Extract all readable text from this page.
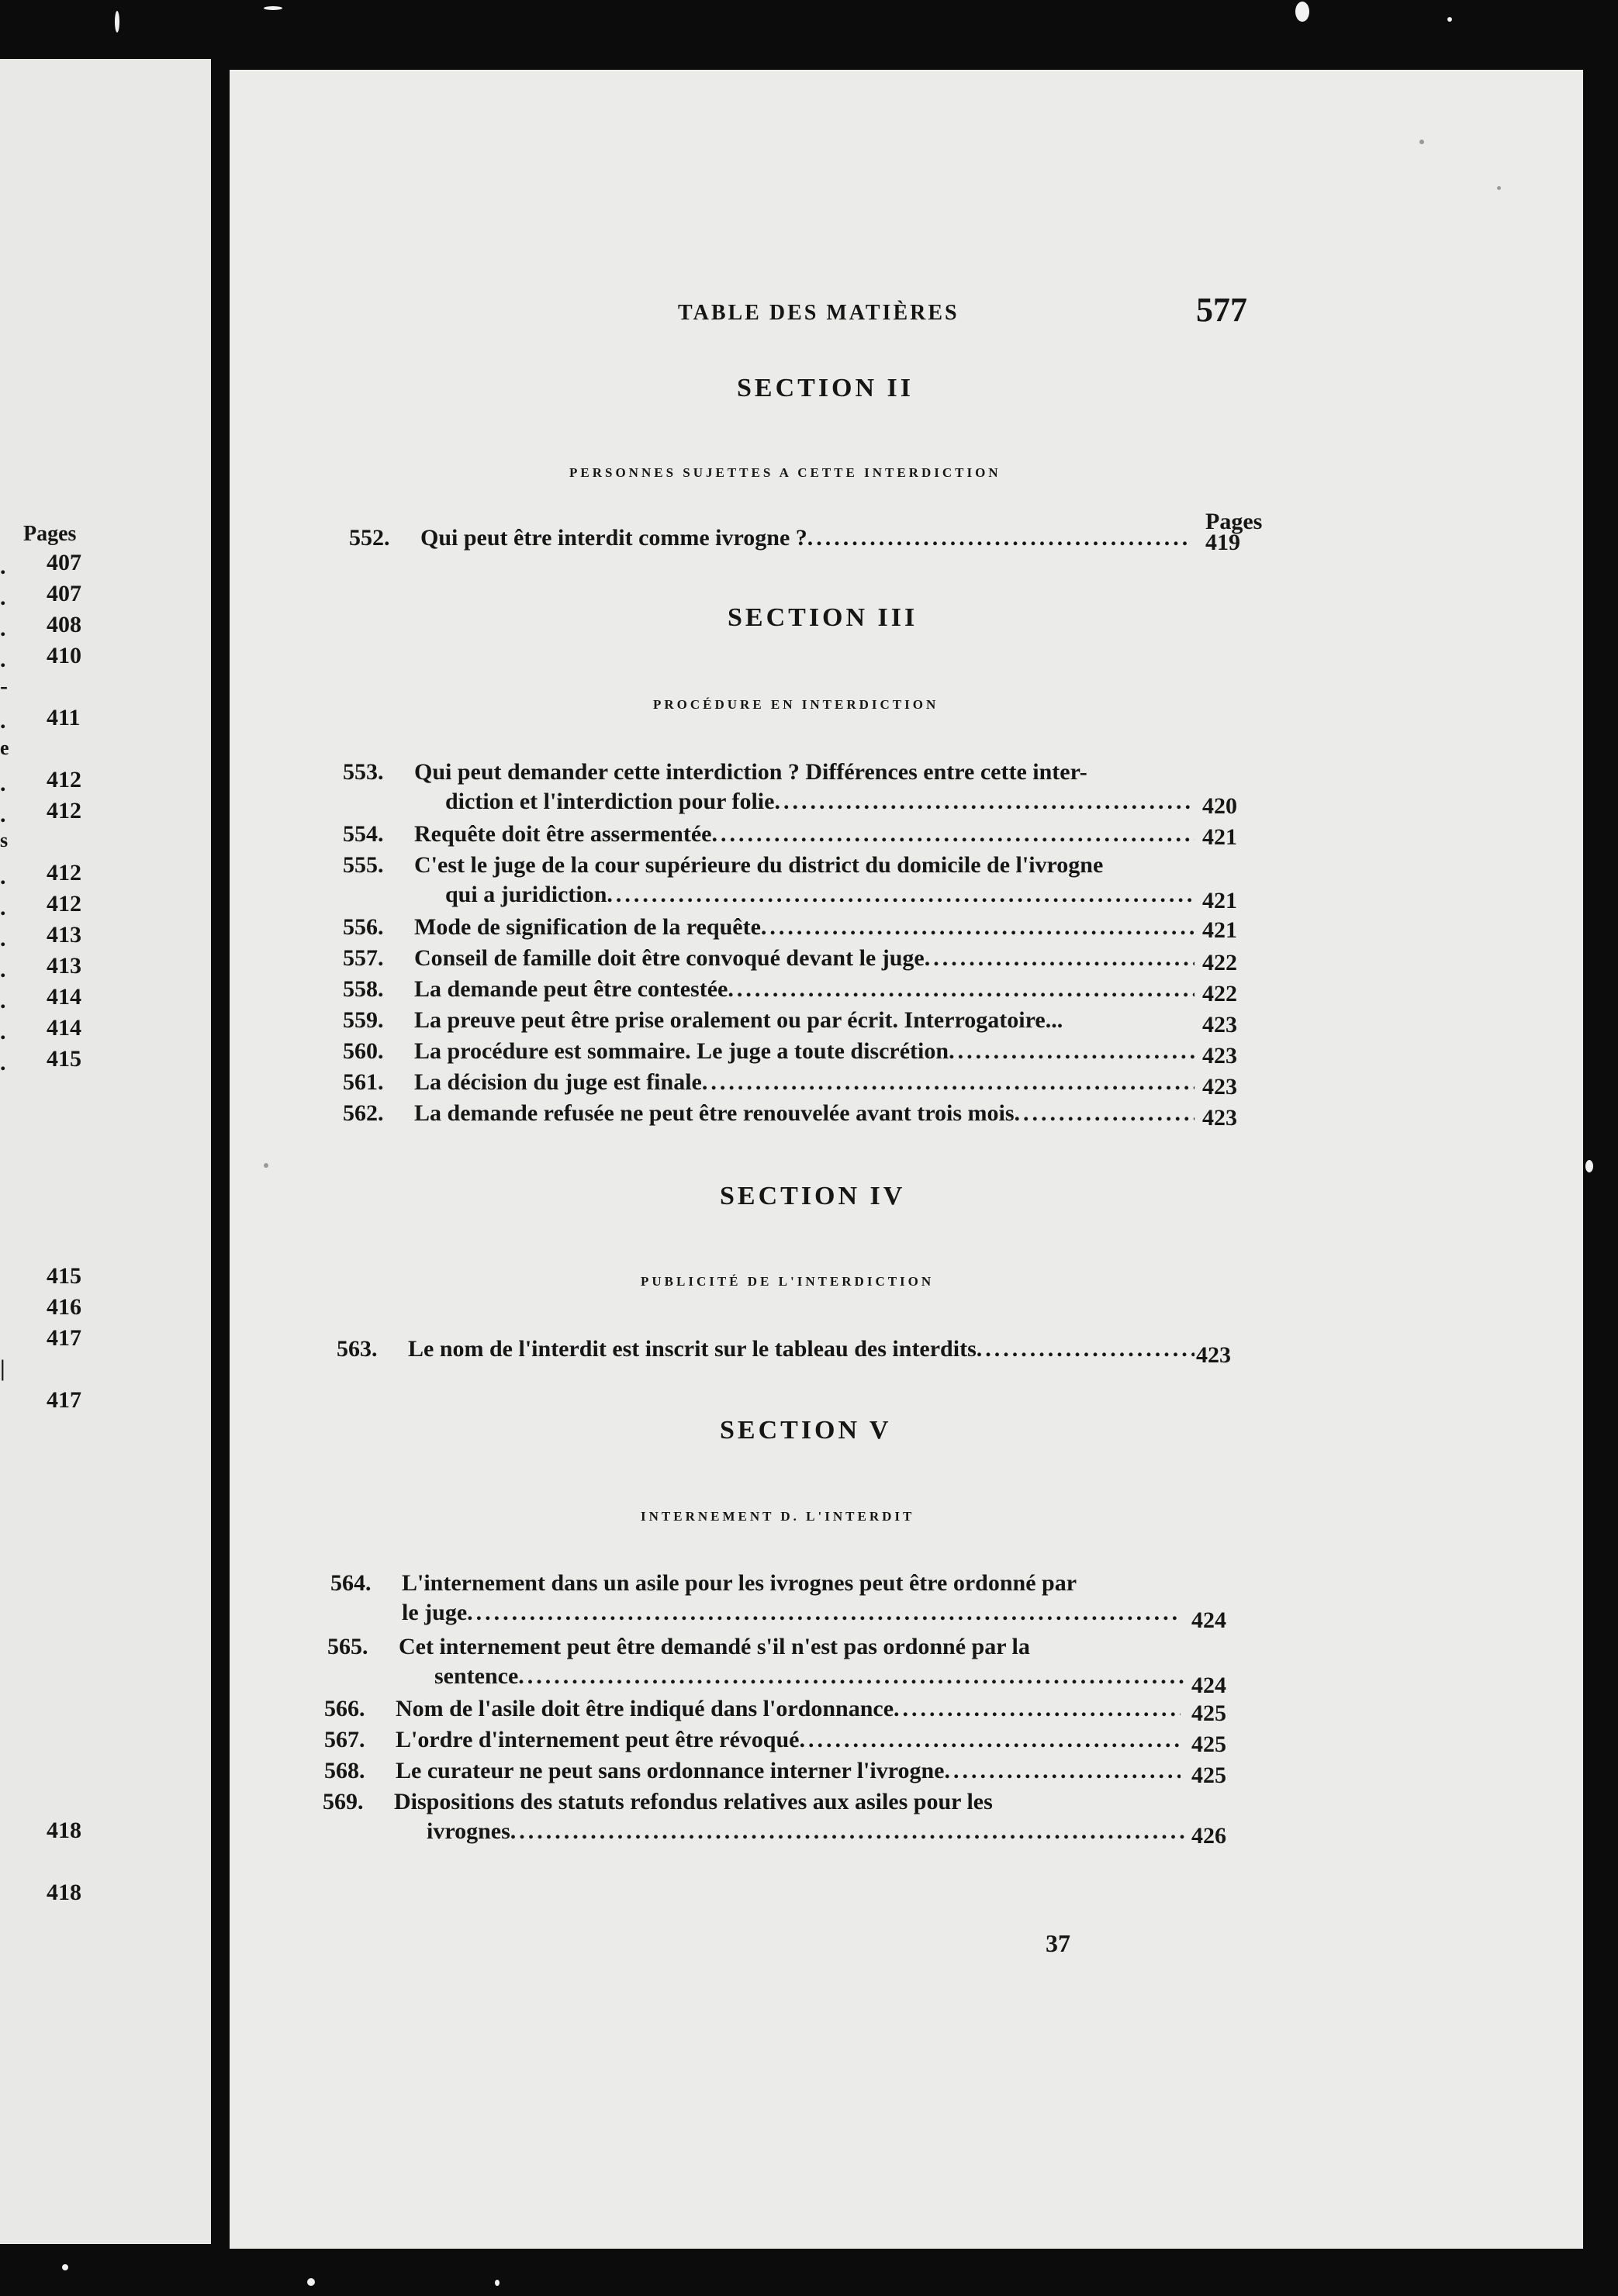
Pages
. 407
. 407
. 408
. 410
-
. 411
e
. 412
. 412
s
. 412
. 412
. 413
. 413
. 414
. 414
. 415
415
416
417
|
417
418
418
TABLE DES MATIÈRES	577
SECTION II
PERSONNES SUJETTES A CETTE INTERDICTION
Pages
552. Qui peut être interdit comme ivrogne ? .....	419
SECTION III
PROCÉDURE EN INTERDICTION
553. Qui peut demander cette interdiction ? Différences entre cette inter-
diction et l'interdiction pour folie .....	420
554. Requête doit être assermentée .....	421
555. C'est le juge de la cour supérieure du district du domicile de l'ivrogne
qui a juridiction .....	421
556. Mode de signification de la requête .....	421
557. Conseil de famille doit être convoqué devant le juge .....	422
558. La demande peut être contestée .....	422
559. La preuve peut être prise oralement ou par écrit. Interrogatoire...	423
560. La procédure est sommaire. Le juge a toute discrétion .....	423
561. La décision du juge est finale .....	423
562. La demande refusée ne peut être renouvelée avant trois mois .....	423
SECTION IV
PUBLICITÉ DE L'INTERDICTION
563. Le nom de l'interdit est inscrit sur le tableau des interdits .....	423
SECTION V
INTERNEMENT D. L'INTERDIT
564. L'internement dans un asile pour les ivrognes peut être ordonné par
le juge .....	424
565. Cet internement peut être demandé s'il n'est pas ordonné par la
sentence .....	424
566. Nom de l'asile doit être indiqué dans l'ordonnance .....	425
567. L'ordre d'internement peut être révoqué .....	425
568. Le curateur ne peut sans ordonnance interner l'ivrogne .....	425
569. Dispositions des statuts refondus relatives aux asiles pour les
ivrognes .....	426
37
